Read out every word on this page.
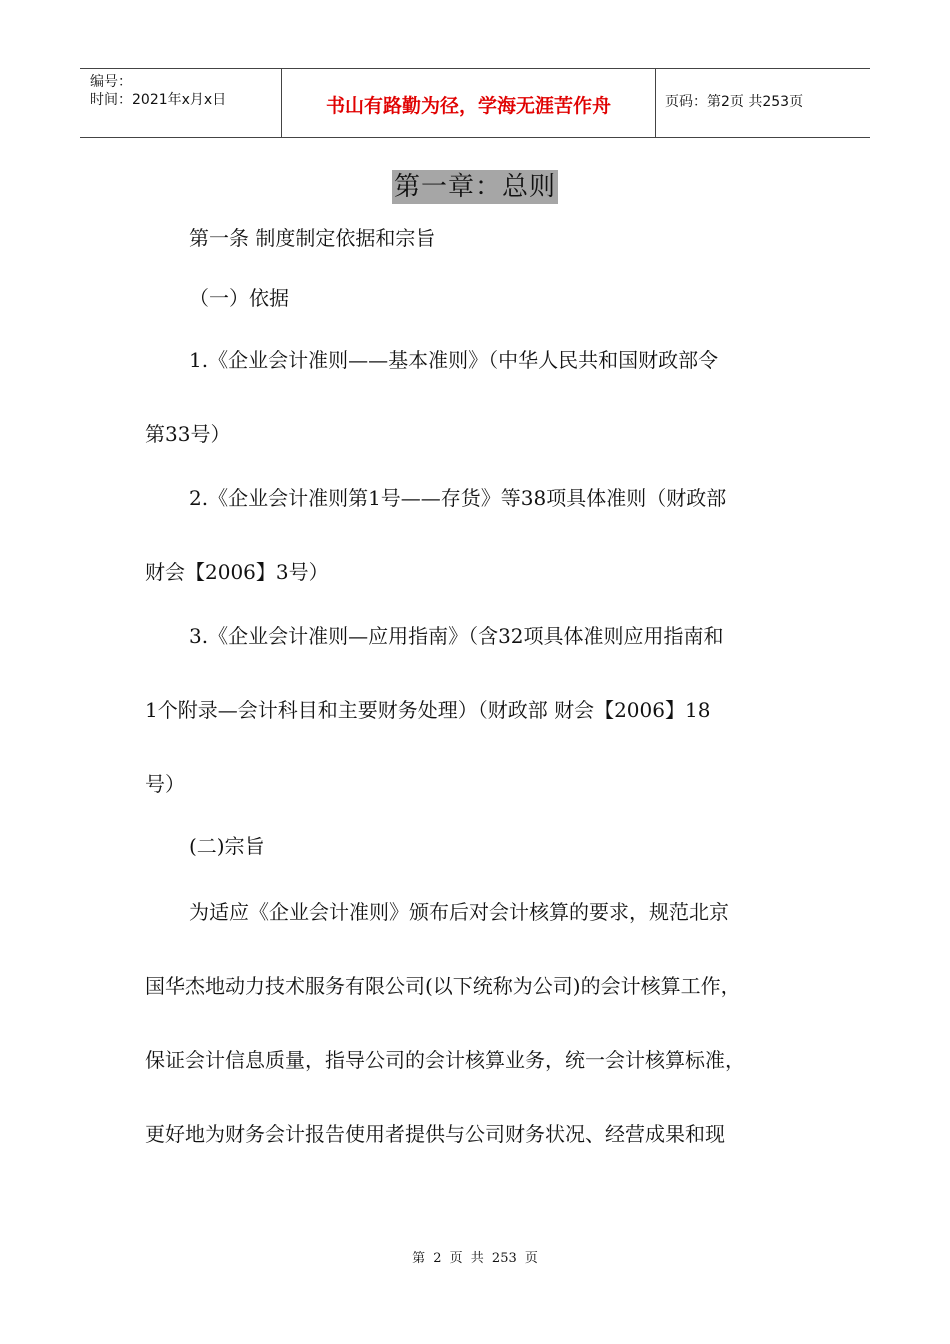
编号：
时间：2021年x月x日	书山有路勤为径，学海无涯苦作舟	页码：第2页 共253页
第一章：总则
第一条 制度制定依据和宗旨
（一）依据
1.《企业会计准则——基本准则》（中华人民共和国财政部令
第33号）
2.《企业会计准则第1号——存货》等38项具体准则（财政部
财会【2006】3号）
3.《企业会计准则—应用指南》（含32项具体准则应用指南和
1个附录—会计科目和主要财务处理）（财政部 财会【2006】18
号）
(二)宗旨
为适应《企业会计准则》颁布后对会计核算的要求，规范北京
国华杰地动力技术服务有限公司(以下统称为公司)的会计核算工作，
保证会计信息质量，指导公司的会计核算业务，统一会计核算标准，
更好地为财务会计报告使用者提供与公司财务状况、经营成果和现
第 2 页 共 253 页
